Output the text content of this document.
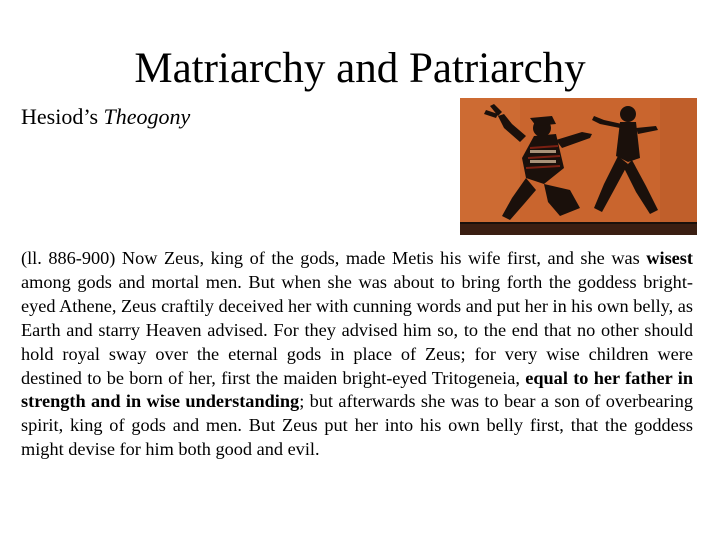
Matriarchy and Patriarchy
Hesiod’s Theogony
(ll. 886-900) Now Zeus, king of the gods, made Metis his wife first, and she was wisest among gods and mortal men. But when she was about to bring forth the goddess bright-eyed Athene, Zeus craftily deceived her with cunning words and put her in his own belly, as Earth and starry Heaven advised. For they advised him so, to the end that no other should hold royal sway over the eternal gods in place of Zeus; for very wise children were destined to be born of her, first the maiden bright-eyed Tritogeneia, equal to her father in strength and in wise understanding; but afterwards she was to bear a son of overbearing spirit, king of gods and men. But Zeus put her into his own belly first, that the goddess might devise for him both good and evil.
